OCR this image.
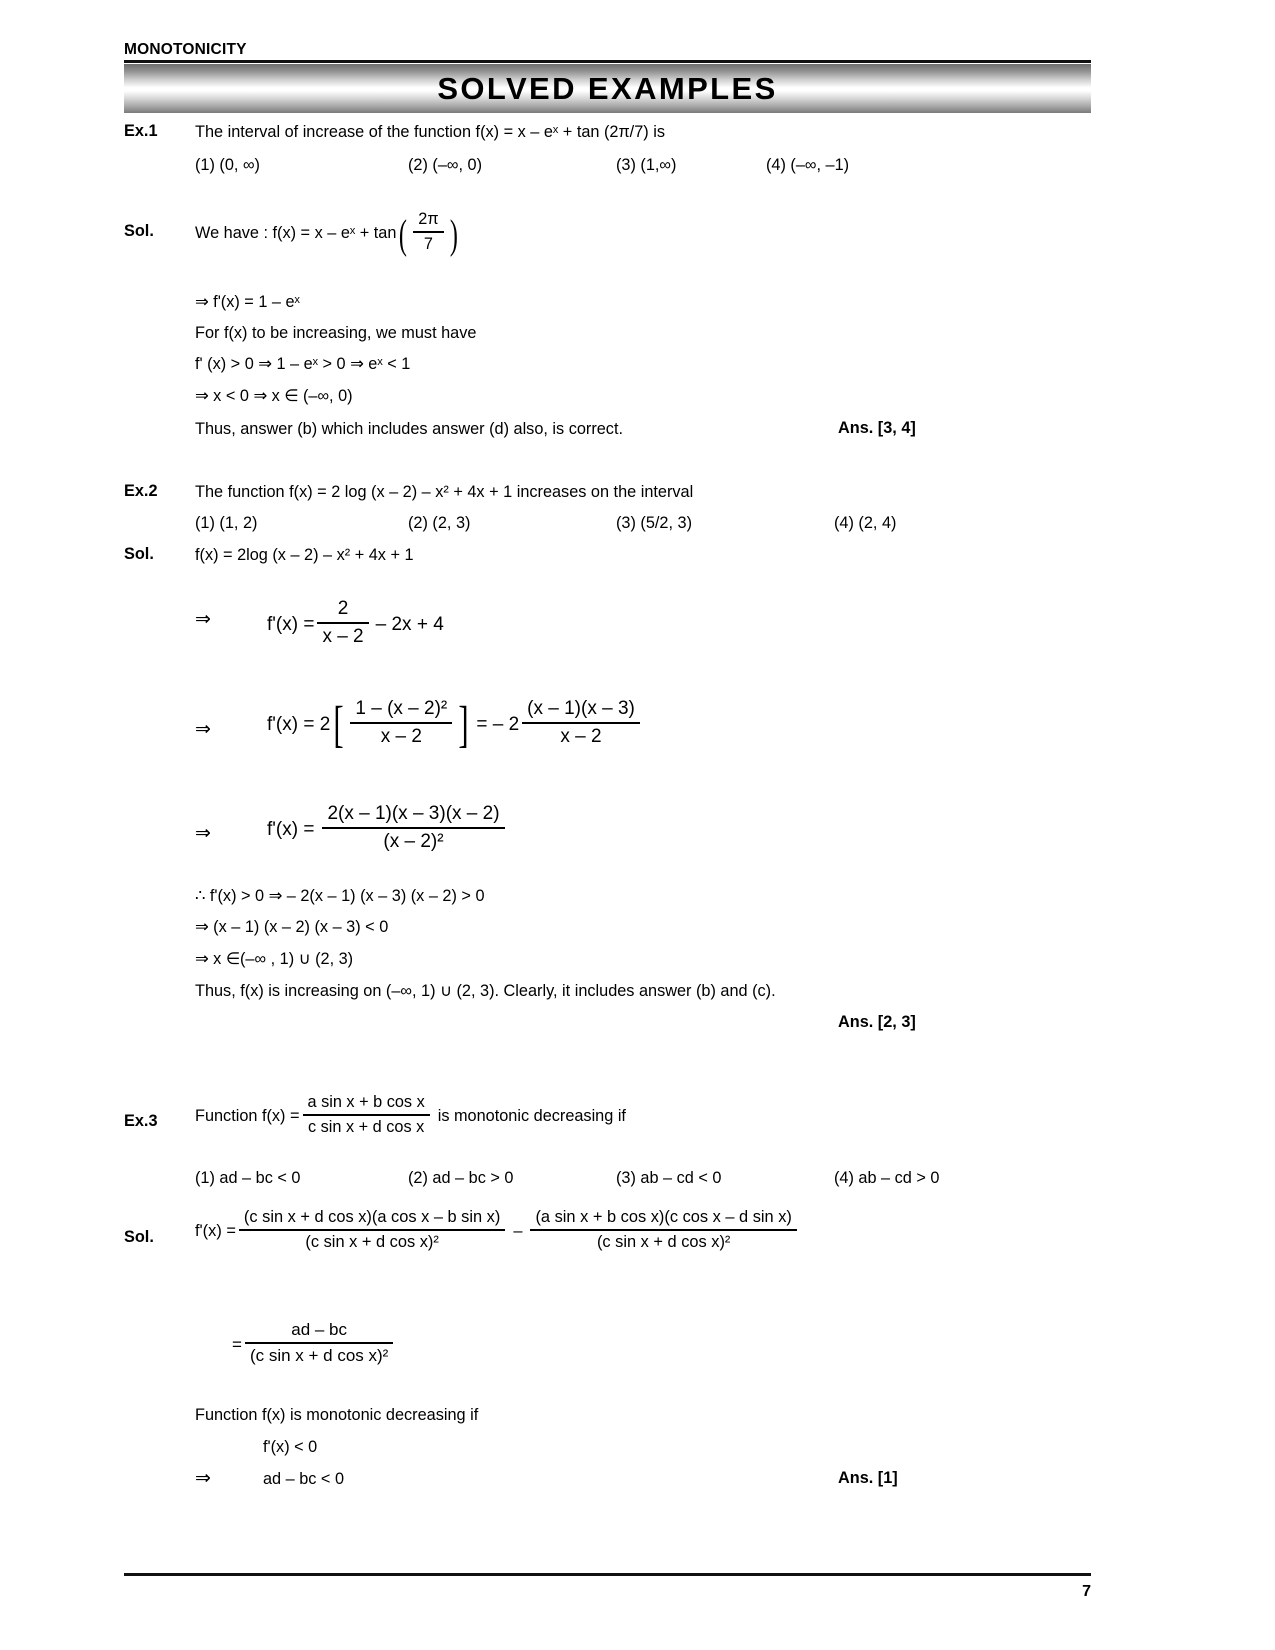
MONOTONICITY
SOLVED EXAMPLES
Ex.1 The interval of increase of the function f(x) = x – eˣ + tan (2π/7) is
(1) (0, ∞)	(2) (–∞, 0)	(3) (1,∞)	(4) (–∞, –1)
Sol.	We have : f(x) = x – eˣ + tan ( $\frac{2\pi}{7}$ )
⇒ f'(x) = 1 – eˣ
For f(x) to be increasing, we must have
f' (x) > 0 ⇒ 1 – eˣ > 0 ⇒ eˣ < 1
⇒ x < 0 ⇒ x ∈ (–∞, 0)
Thus, answer (b) which includes answer (d) also, is correct.	Ans. [3, 4]
Ex.2 The function f(x) = 2 log (x – 2) – x² + 4x + 1 increases on the interval
(1) (1, 2)	(2) (2, 3)	(3) (5/2, 3)	(4) (2, 4)
Sol.	f(x) = 2log (x – 2) – x² + 4x + 1
⇒	$f'(x) = \frac{2}{x - 2} - 2x + 4$
⇒	f'(x) = 2 [ $\frac{\text{1 – (x – 2)²}}{x - 2}$ ] = – $2 \frac{(x - 1)(x - 3)}{x - 2}$
⇒	$f'(x) = \frac{2(x - 1)(x - 3)(x - 2)}{\text{(x – 2)²}}$
∴ f'(x) > 0 ⇒ – 2(x – 1) (x – 3) (x – 2) > 0
⇒ (x – 1) (x – 2) (x – 3) < 0
⇒ x ∈(–∞ , 1) ∪ (2, 3)
Thus, f(x) is increasing on (–∞, 1) ∪ (2, 3). Clearly, it includes answer (b) and (c).
Ans. [2, 3]
Ex.3 Function $f(x) = \frac{\text{a sin x + b cos x}}{\text{c sin x + d cos x}}$ is monotonic decreasing if
(1) ad – bc < 0	(2) ad – bc > 0	(3) ab – cd < 0	(4) ab – cd > 0
Sol.	$f'(x) = \frac{\text{(c sin x + d cos x)(a cos x – b sin x)}}{\text{(c sin x + d cos x)²}} - \frac{\text{(a sin x + b cos x)(c cos x – d sin x)}}{\text{(c sin x + d cos x)²}}$
= $\frac{ad - bc}{\text{(c sin x + d cos x)²}}$
Function f(x) is monotonic decreasing if
f'(x) < 0
⇒	ad – bc < 0	Ans. [1]
7
